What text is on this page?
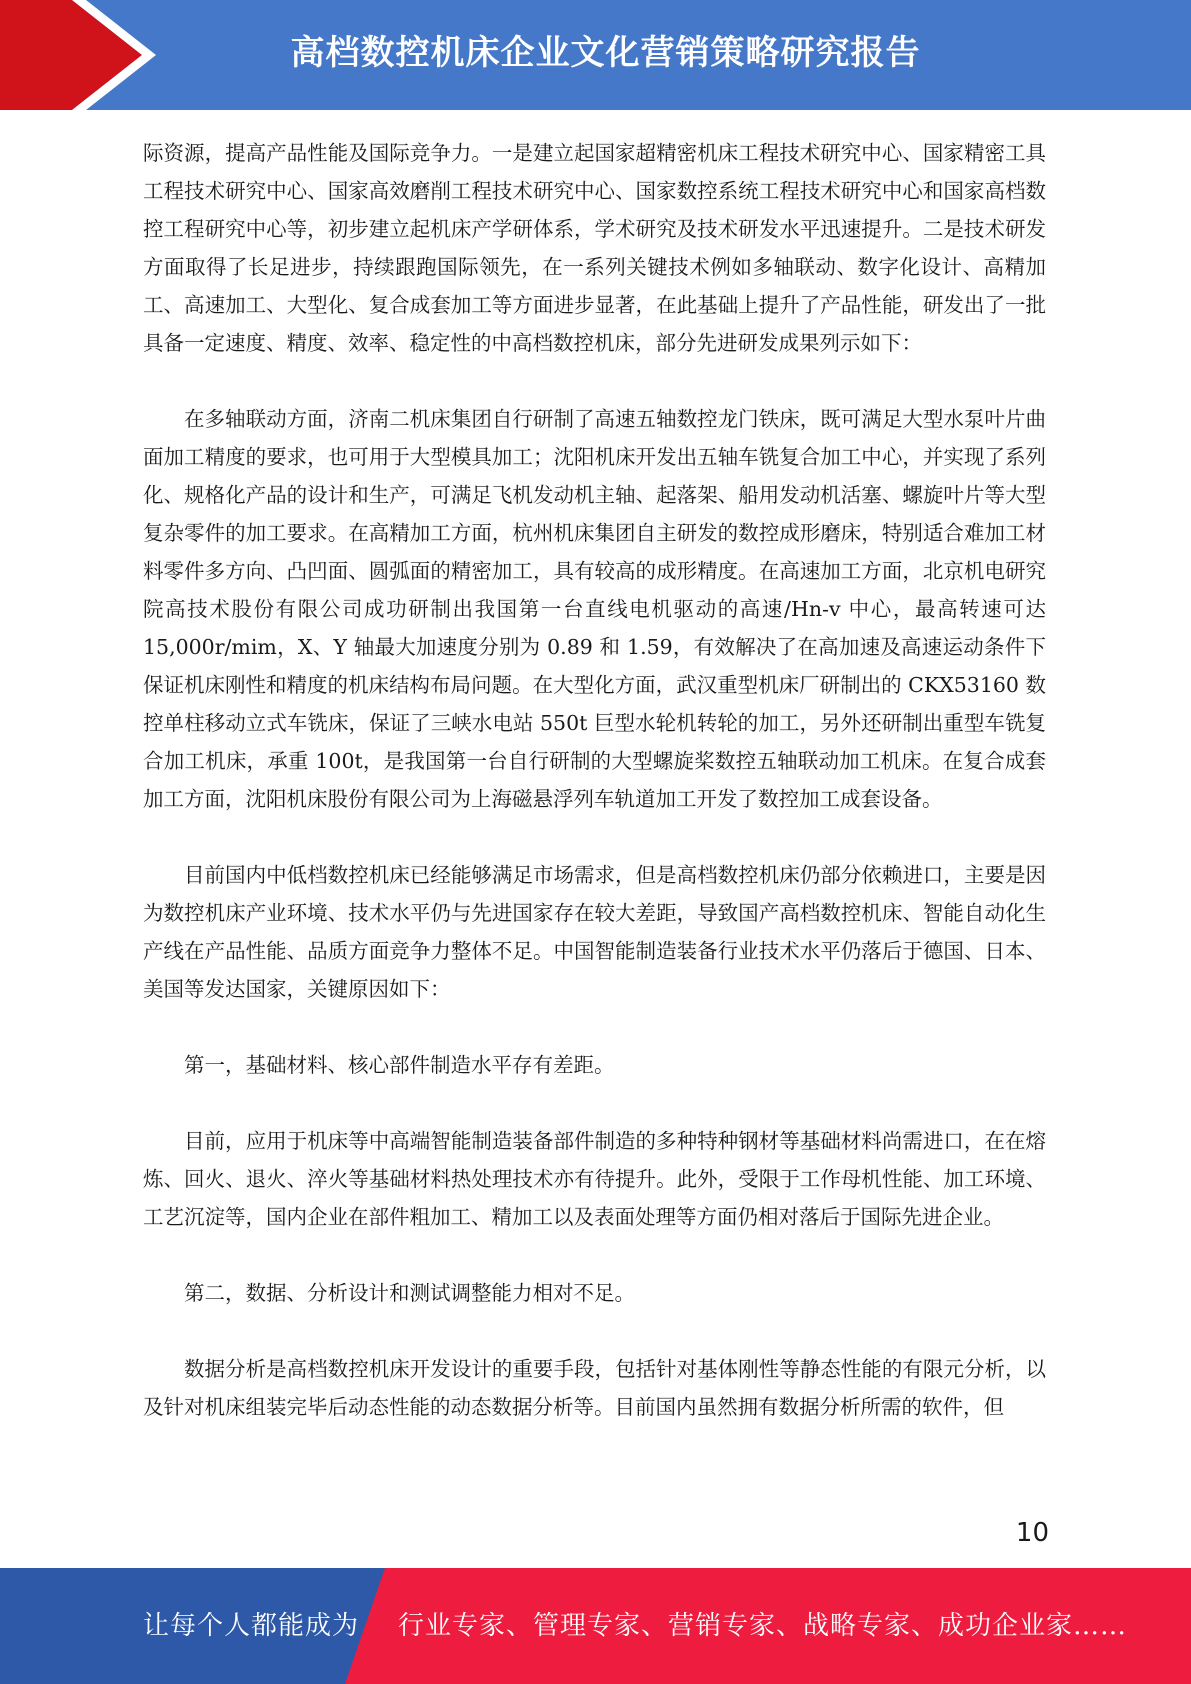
高档数控机床企业文化营销策略研究报告

际资源，提高产品性能及国际竞争力。一是建立起国家超精密机床工程技术研究中心、国家精密工具工程技术研究中心、国家高效磨削工程技术研究中心、国家数控系统工程技术研究中心和国家高档数控工程研究中心等，初步建立起机床产学研体系，学术研究及技术研发水平迅速提升。二是技术研发方面取得了长足进步，持续跟跑国际领先，在一系列关键技术例如多轴联动、数字化设计、高精加工、高速加工、大型化、复合成套加工等方面进步显著，在此基础上提升了产品性能，研发出了一批具备一定速度、精度、效率、稳定性的中高档数控机床，部分先进研发成果列示如下：

在多轴联动方面，济南二机床集团自行研制了高速五轴数控龙门铁床，既可满足大型水泵叶片曲面加工精度的要求，也可用于大型模具加工；沈阳机床开发出五轴车铣复合加工中心，并实现了系列化、规格化产品的设计和生产，可满足飞机发动机主轴、起落架、船用发动机活塞、螺旋叶片等大型复杂零件的加工要求。在高精加工方面，杭州机床集团自主研发的数控成形磨床，特别适合难加工材料零件多方向、凸凹面、圆弧面的精密加工，具有较高的成形精度。在高速加工方面，北京机电研究院高技术股份有限公司成功研制出我国第一台直线电机驱动的高速/Hn-v 中心，最高转速可达 15,000r/mim，X、Y 轴最大加速度分别为 0.89 和 1.59，有效解决了在高加速及高速运动条件下保证机床刚性和精度的机床结构布局问题。在大型化方面，武汉重型机床厂研制出的 CKX53160 数控单柱移动立式车铣床，保证了三峡水电站 550t 巨型水轮机转轮的加工，另外还研制出重型车铣复合加工机床，承重 100t，是我国第一台自行研制的大型螺旋桨数控五轴联动加工机床。在复合成套加工方面，沈阳机床股份有限公司为上海磁悬浮列车轨道加工开发了数控加工成套设备。

目前国内中低档数控机床已经能够满足市场需求，但是高档数控机床仍部分依赖进口，主要是因为数控机床产业环境、技术水平仍与先进国家存在较大差距，导致国产高档数控机床、智能自动化生产线在产品性能、品质方面竞争力整体不足。中国智能制造装备行业技术水平仍落后于德国、日本、美国等发达国家，关键原因如下：

第一，基础材料、核心部件制造水平存有差距。

目前，应用于机床等中高端智能制造装备部件制造的多种特种钢材等基础材料尚需进口，在在熔炼、回火、退火、淬火等基础材料热处理技术亦有待提升。此外，受限于工作母机性能、加工环境、工艺沉淀等，国内企业在部件粗加工、精加工以及表面处理等方面仍相对落后于国际先进企业。

第二，数据、分析设计和测试调整能力相对不足。

数据分析是高档数控机床开发设计的重要手段，包括针对基体刚性等静态性能的有限元分析，以及针对机床组装完毕后动态性能的动态数据分析等。目前国内虽然拥有数据分析所需的软件，但

10
让每个人都能成为 行业专家、管理专家、营销专家、战略专家、成功企业家……
